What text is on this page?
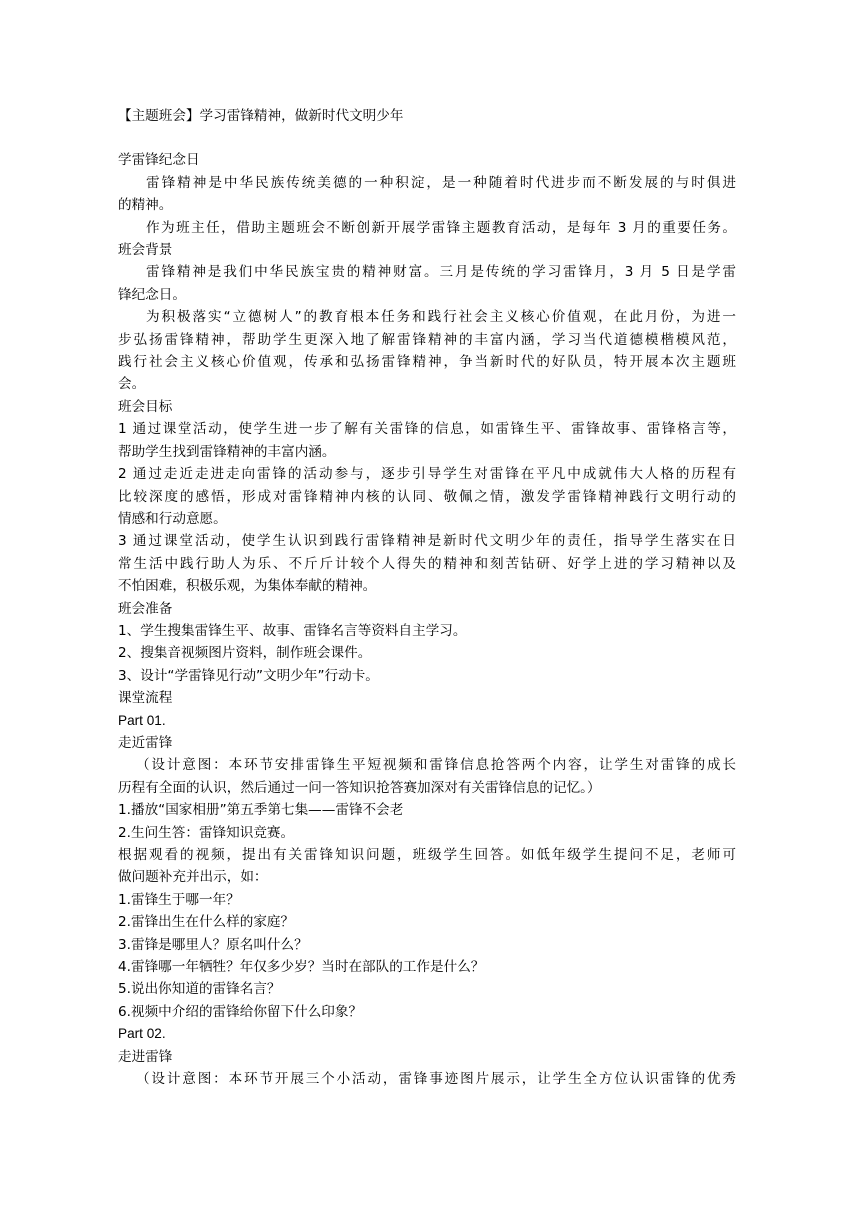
【主题班会】学习雷锋精神，做新时代文明少年
学雷锋纪念日
雷锋精神是中华民族传统美德的一种积淀，是一种随着时代进步而不断发展的与时俱进
的精神。
作为班主任，借助主题班会不断创新开展学雷锋主题教育活动，是每年 3 月的重要任务。
班会背景
雷锋精神是我们中华民族宝贵的精神财富。三月是传统的学习雷锋月，3 月 5 日是学雷
锋纪念日。
为积极落实“立德树人”的教育根本任务和践行社会主义核心价值观，在此月份，为进一
步弘扬雷锋精神，帮助学生更深入地了解雷锋精神的丰富内涵，学习当代道德模楷模风范，
践行社会主义核心价值观，传承和弘扬雷锋精神，争当新时代的好队员，特开展本次主题班
会。
班会目标
1 通过课堂活动，使学生进一步了解有关雷锋的信息，如雷锋生平、雷锋故事、雷锋格言等，
帮助学生找到雷锋精神的丰富内涵。
2 通过走近走进走向雷锋的活动参与，逐步引导学生对雷锋在平凡中成就伟大人格的历程有
比较深度的感悟，形成对雷锋精神内核的认同、敬佩之情，激发学雷锋精神践行文明行动的
情感和行动意愿。
3 通过课堂活动，使学生认识到践行雷锋精神是新时代文明少年的责任，指导学生落实在日
常生活中践行助人为乐、不斤斤计较个人得失的精神和刻苦钻研、好学上进的学习精神以及
不怕困难，积极乐观，为集体奉献的精神。
班会准备
1、学生搜集雷锋生平、故事、雷锋名言等资料自主学习。
2、搜集音视频图片资料，制作班会课件。
3、设计“学雷锋见行动”文明少年”行动卡。
课堂流程
Part 01.
走近雷锋
（设计意图：本环节安排雷锋生平短视频和雷锋信息抢答两个内容，让学生对雷锋的成长
历程有全面的认识，然后通过一问一答知识抢答赛加深对有关雷锋信息的记忆。）
1.播放“国家相册”第五季第七集——雷锋不会老
2.生问生答：雷锋知识竞赛。
根据观看的视频，提出有关雷锋知识问题，班级学生回答。如低年级学生提问不足，老师可
做问题补充并出示，如：
1.雷锋生于哪一年？
2.雷锋出生在什么样的家庭？
3.雷锋是哪里人？原名叫什么？
4.雷锋哪一年牺牲？年仅多少岁？当时在部队的工作是什么？
5.说出你知道的雷锋名言？
6.视频中介绍的雷锋给你留下什么印象？
Part 02.
走进雷锋
（设计意图：本环节开展三个小活动，雷锋事迹图片展示，让学生全方位认识雷锋的优秀
